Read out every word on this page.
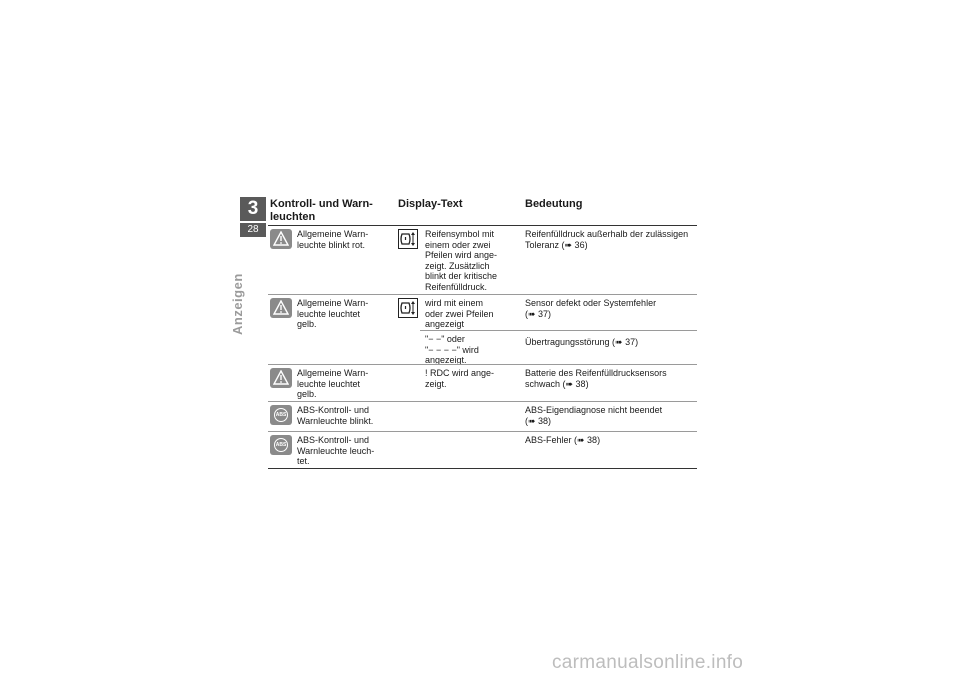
3
28
Anzeigen
Kontroll- und Warn-
leuchten
Display-Text	Bedeutung
Allgemeine Warn-
leuchte blinkt rot.
Reifensymbol mit
einem oder zwei
Pfeilen wird ange-
zeigt. Zusätzlich
blinkt der kritische
Reifenfülldruck.
Reifenfülldruck außerhalb der zulässigen
Toleranz (➠ 36)
Allgemeine Warn-
leuchte leuchtet
gelb.
wird mit einem
oder zwei Pfeilen
angezeigt
Sensor defekt oder Systemfehler
(➠ 37)
"− −" oder
"− − − −" wird
angezeigt.
Übertragungsstörung (➠ 37)
Allgemeine Warn-
leuchte leuchtet
gelb.
! RDC wird ange-
zeigt.
Batterie des Reifenfülldrucksensors
schwach (➠ 38)
ABS ABS-Kontroll- und
Warnleuchte blinkt.
ABS-Eigendiagnose nicht beendet
(➠ 38)
ABS ABS-Kontroll- und
Warnleuchte leuch-
tet.
ABS-Fehler (➠ 38)
carmanualsonline.info
